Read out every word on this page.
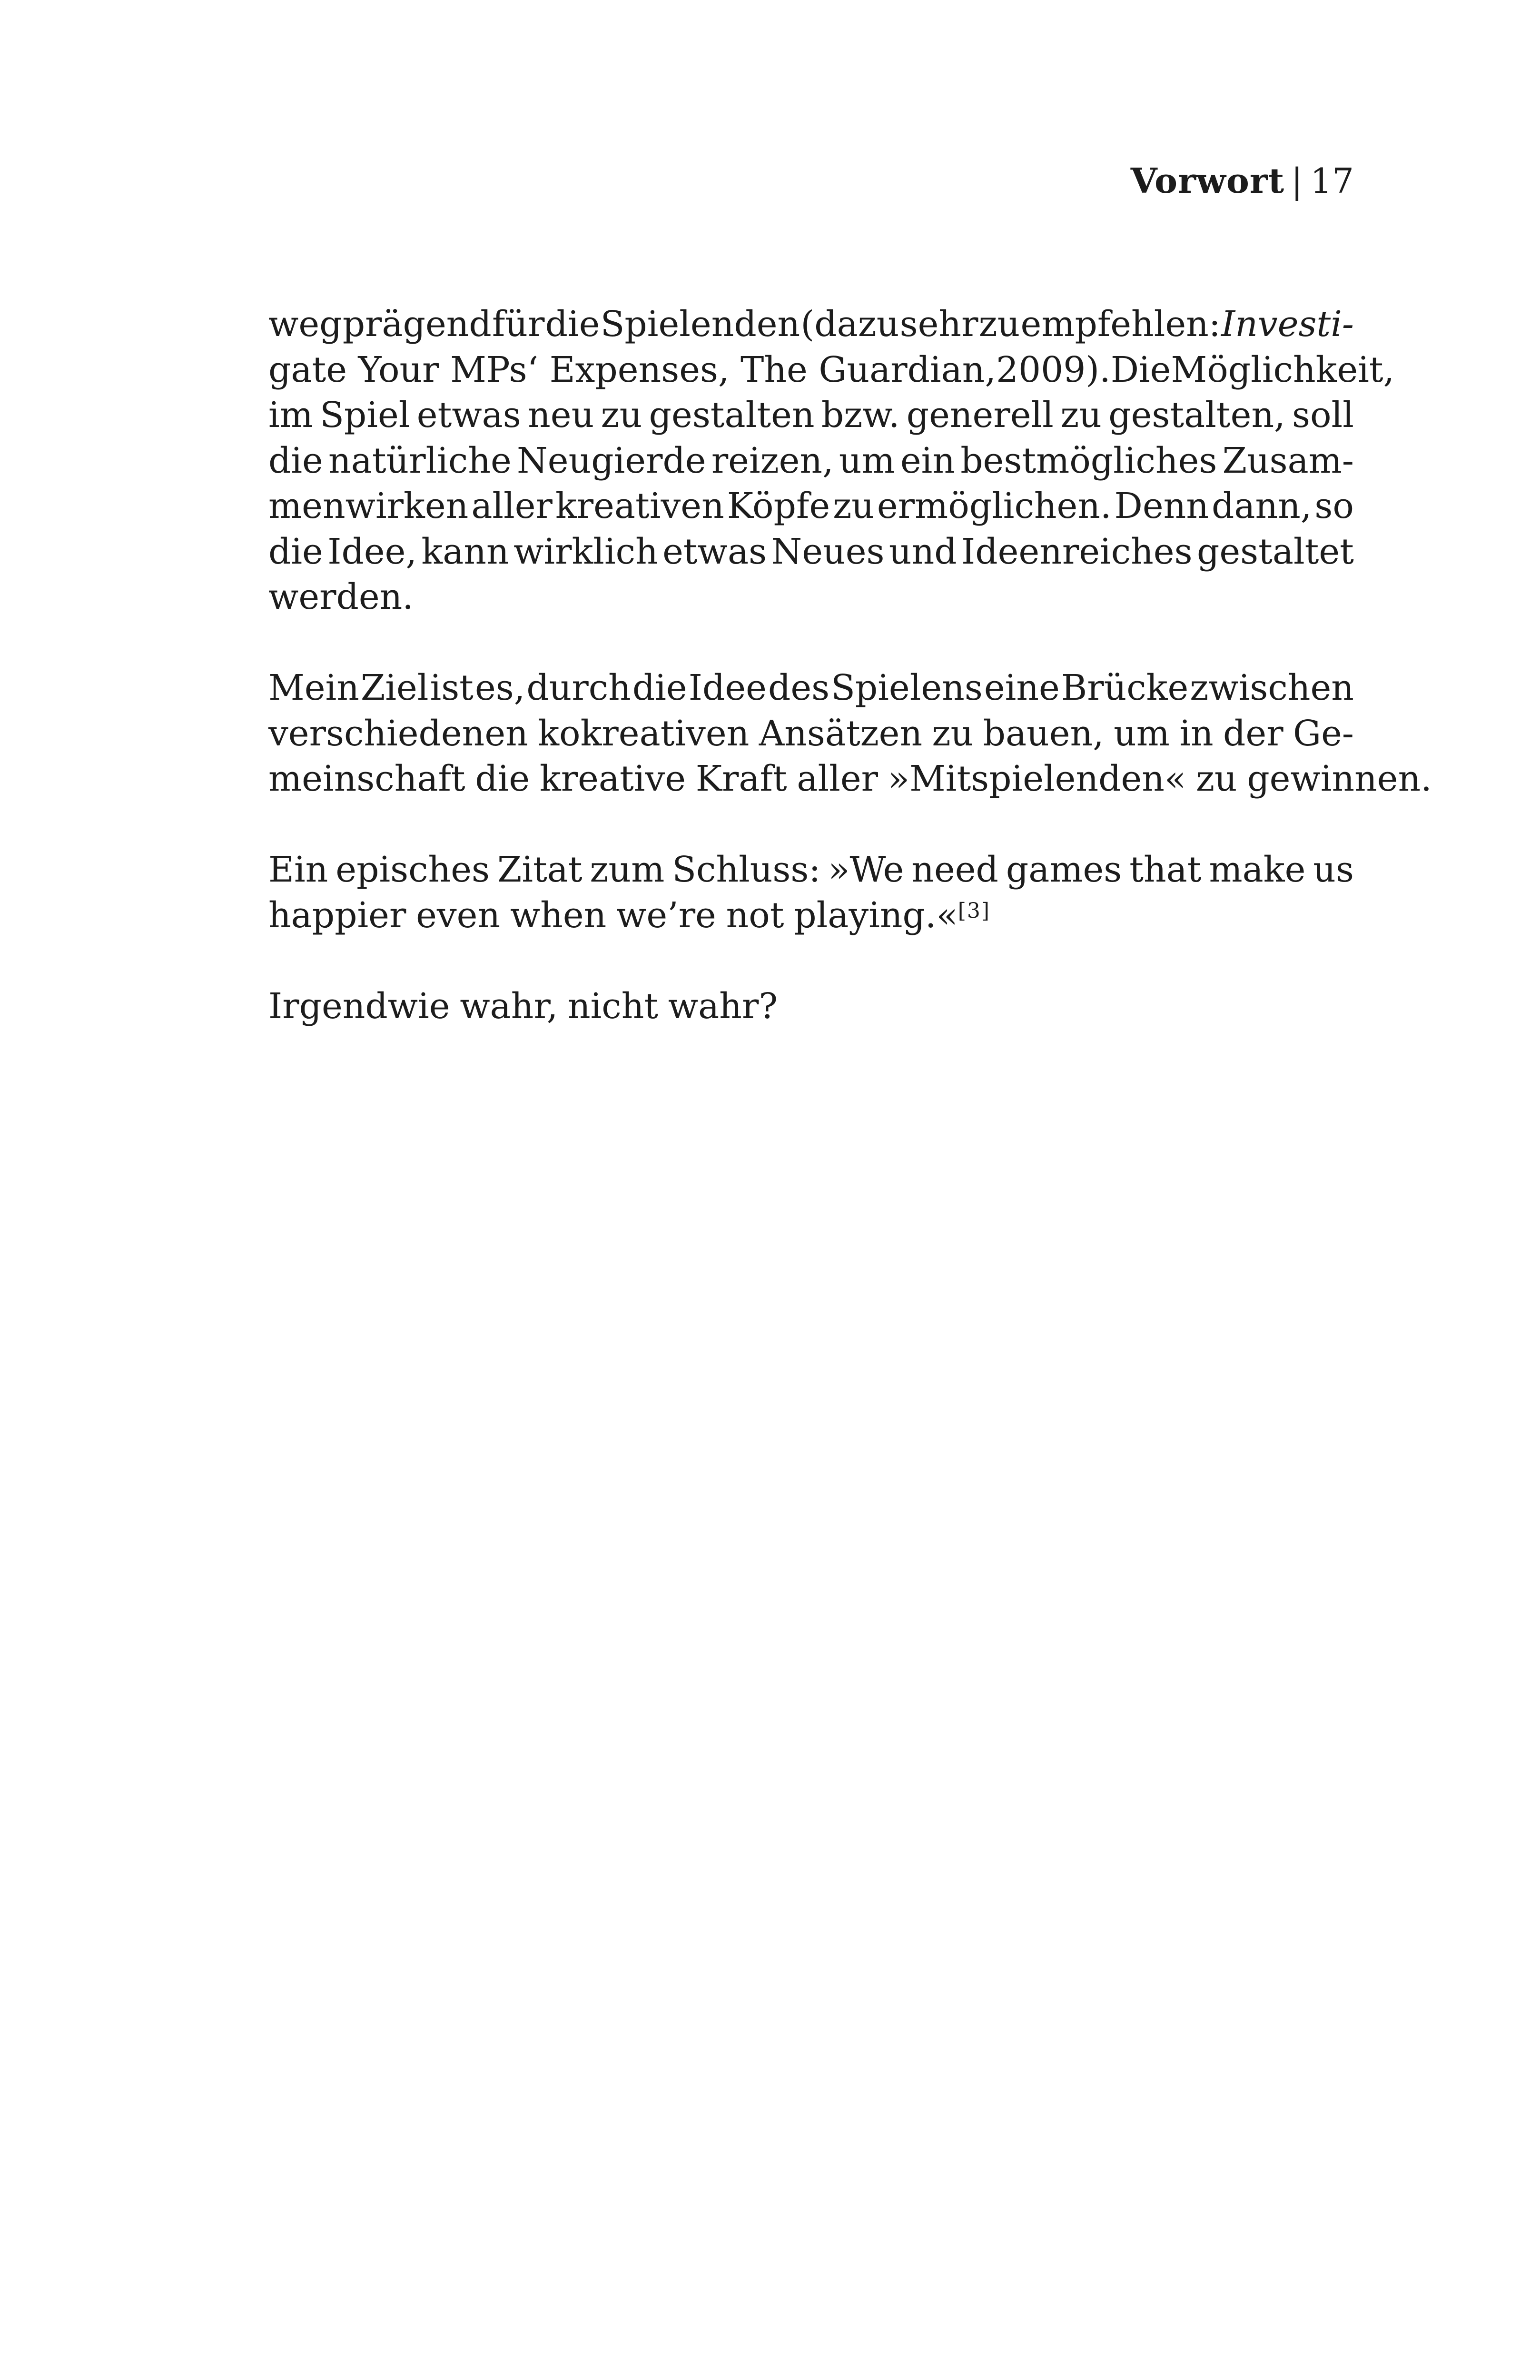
Vorwort | 17
weg prägend für die Spielenden (dazu sehr zu empfehlen: Investi-
gate Your MPs‘ Expenses, The Guardian, 2009). Die Möglichkeit,
im Spiel etwas neu zu gestalten bzw. generell zu gestalten, soll
die natürliche Neugierde reizen, um ein bestmögliches Zusam-
menwirken aller kreativen Köpfe zu ermöglichen. Denn dann, so
die Idee, kann wirklich etwas Neues und Ideenreiches gestaltet
werden.
Mein Ziel ist es, durch die Idee des Spielens eine Brücke zwischen
verschiedenen kokreativen Ansätzen zu bauen, um in der Ge-
meinschaft die kreative Kraft aller »Mitspielenden« zu gewinnen.
Ein episches Zitat zum Schluss: »We need games that make us
happier even when we’re not playing.«[3]
Irgendwie wahr, nicht wahr?
